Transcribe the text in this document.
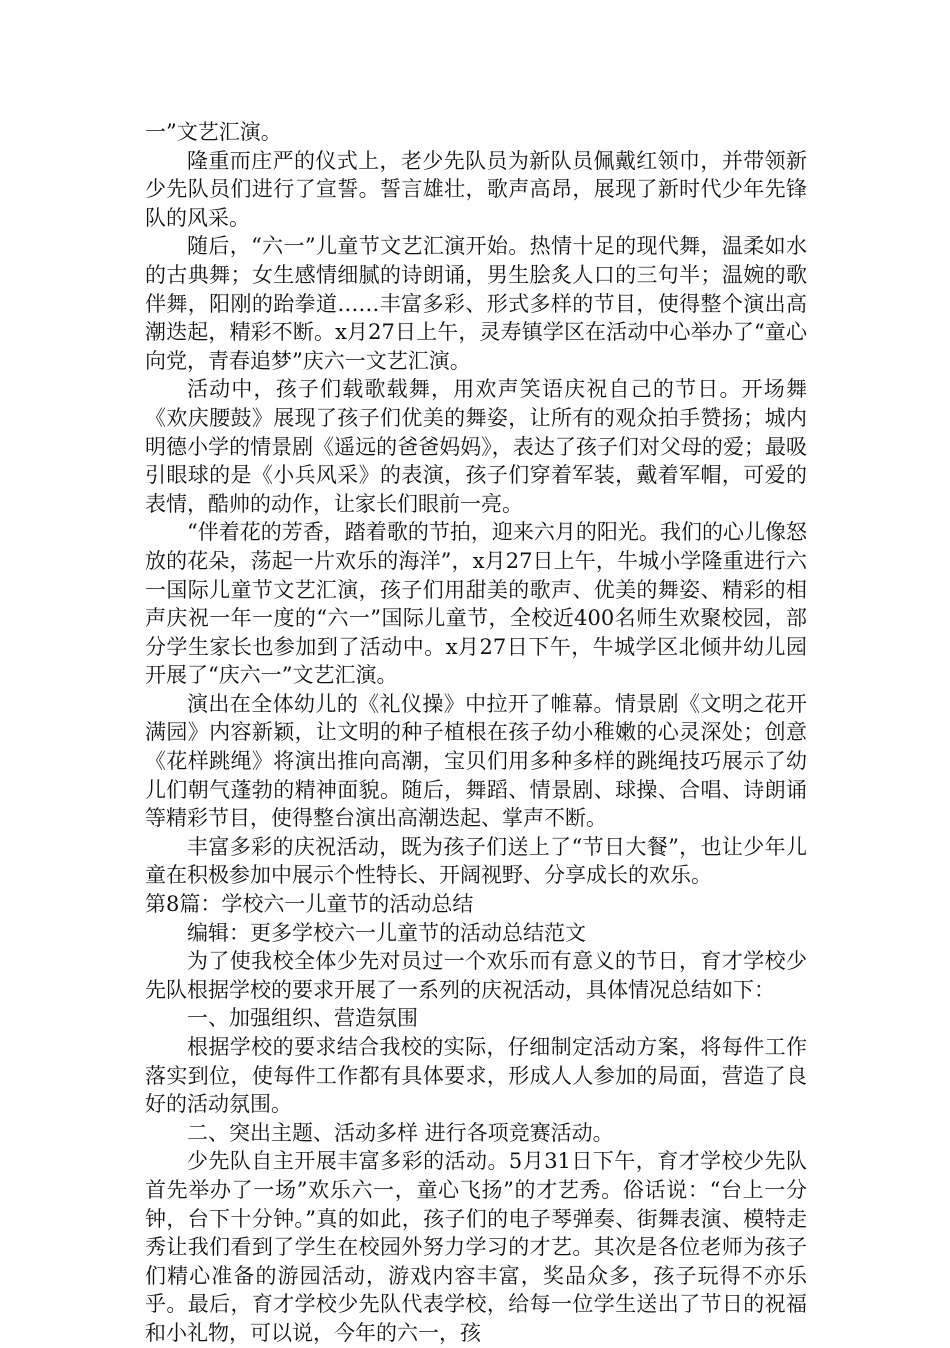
一”文艺汇演。

隆重而庄严的仪式上，老少先队员为新队员佩戴红领巾，并带领新少先队员们进行了宣誓。誓言雄壮，歌声高昂，展现了新时代少年先锋队的风采。

随后，“六一”儿童节文艺汇演开始。热情十足的现代舞，温柔如水的古典舞；女生感情细腻的诗朗诵，男生脍炙人口的三句半；温婉的歌伴舞，阳刚的跆拳道……丰富多彩、形式多样的节目，使得整个演出高潮迭起，精彩不断。x月27日上午，灵寿镇学区在活动中心举办了“童心向党，青春追梦”庆六一文艺汇演。

活动中，孩子们载歌载舞，用欢声笑语庆祝自己的节日。开场舞《欢庆腰鼓》展现了孩子们优美的舞姿，让所有的观众拍手赞扬；城内明德小学的情景剧《遥远的爸爸妈妈》，表达了孩子们对父母的爱；最吸引眼球的是《小兵风采》的表演，孩子们穿着军装，戴着军帽，可爱的表情，酷帅的动作，让家长们眼前一亮。

“伴着花的芳香，踏着歌的节拍，迎来六月的阳光。我们的心儿像怒放的花朵，荡起一片欢乐的海洋”，x月27日上午，牛城小学隆重进行六一国际儿童节文艺汇演，孩子们用甜美的歌声、优美的舞姿、精彩的相声庆祝一年一度的“六一”国际儿童节，全校近400名师生欢聚校园，部分学生家长也参加到了活动中。x月27日下午，牛城学区北倾井幼儿园开展了“庆六一”文艺汇演。

演出在全体幼儿的《礼仪操》中拉开了帷幕。情景剧《文明之花开满园》内容新颖，让文明的种子植根在孩子幼小稚嫩的心灵深处；创意《花样跳绳》将演出推向高潮，宝贝们用多种多样的跳绳技巧展示了幼儿们朝气蓬勃的精神面貌。随后，舞蹈、情景剧、球操、合唱、诗朗诵等精彩节目，使得整台演出高潮迭起、掌声不断。

丰富多彩的庆祝活动，既为孩子们送上了“节日大餐”，也让少年儿童在积极参加中展示个性特长、开阔视野、分享成长的欢乐。

第8篇：学校六一儿童节的活动总结

编辑：更多学校六一儿童节的活动总结范文

为了使我校全体少先对员过一个欢乐而有意义的节日，育才学校少先队根据学校的要求开展了一系列的庆祝活动，具体情况总结如下：

一、加强组织、营造氛围

根据学校的要求结合我校的实际，仔细制定活动方案，将每件工作落实到位，使每件工作都有具体要求，形成人人参加的局面，营造了良好的活动氛围。

二、突出主题、活动多样 进行各项竞赛活动。

少先队自主开展丰富多彩的活动。5月31日下午，育才学校少先队首先举办了一场”欢乐六一，童心飞扬”的才艺秀。俗话说：“台上一分钟，台下十分钟。”真的如此，孩子们的电子琴弹奏、街舞表演、模特走秀让我们看到了学生在校园外努力学习的才艺。其次是各位老师为孩子们精心准备的游园活动，游戏内容丰富，奖品众多，孩子玩得不亦乐乎。最后，育才学校少先队代表学校，给每一位学生送出了节日的祝福和小礼物，可以说，今年的六一，孩
